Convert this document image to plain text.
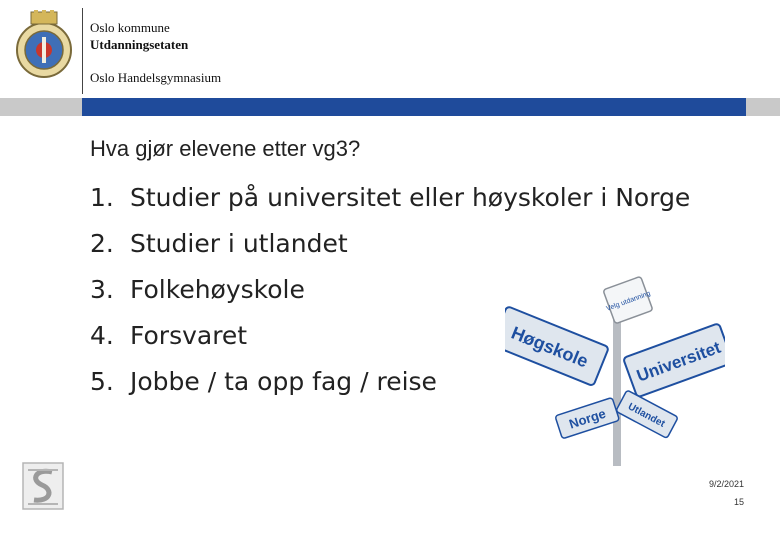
Oslo kommune
Utdanningsetaten
Oslo Handelsgymnasium
Hva gjør elevene etter vg3?
1. Studier på universitet eller høyskoler i Norge
2. Studier i utlandet
3. Folkehøyskole
4. Forsvaret
5. Jobbe / ta opp fag / reise
Velg utdanning
Høgskole	Universitet
Norge Utlandet
9/2/2021
15
